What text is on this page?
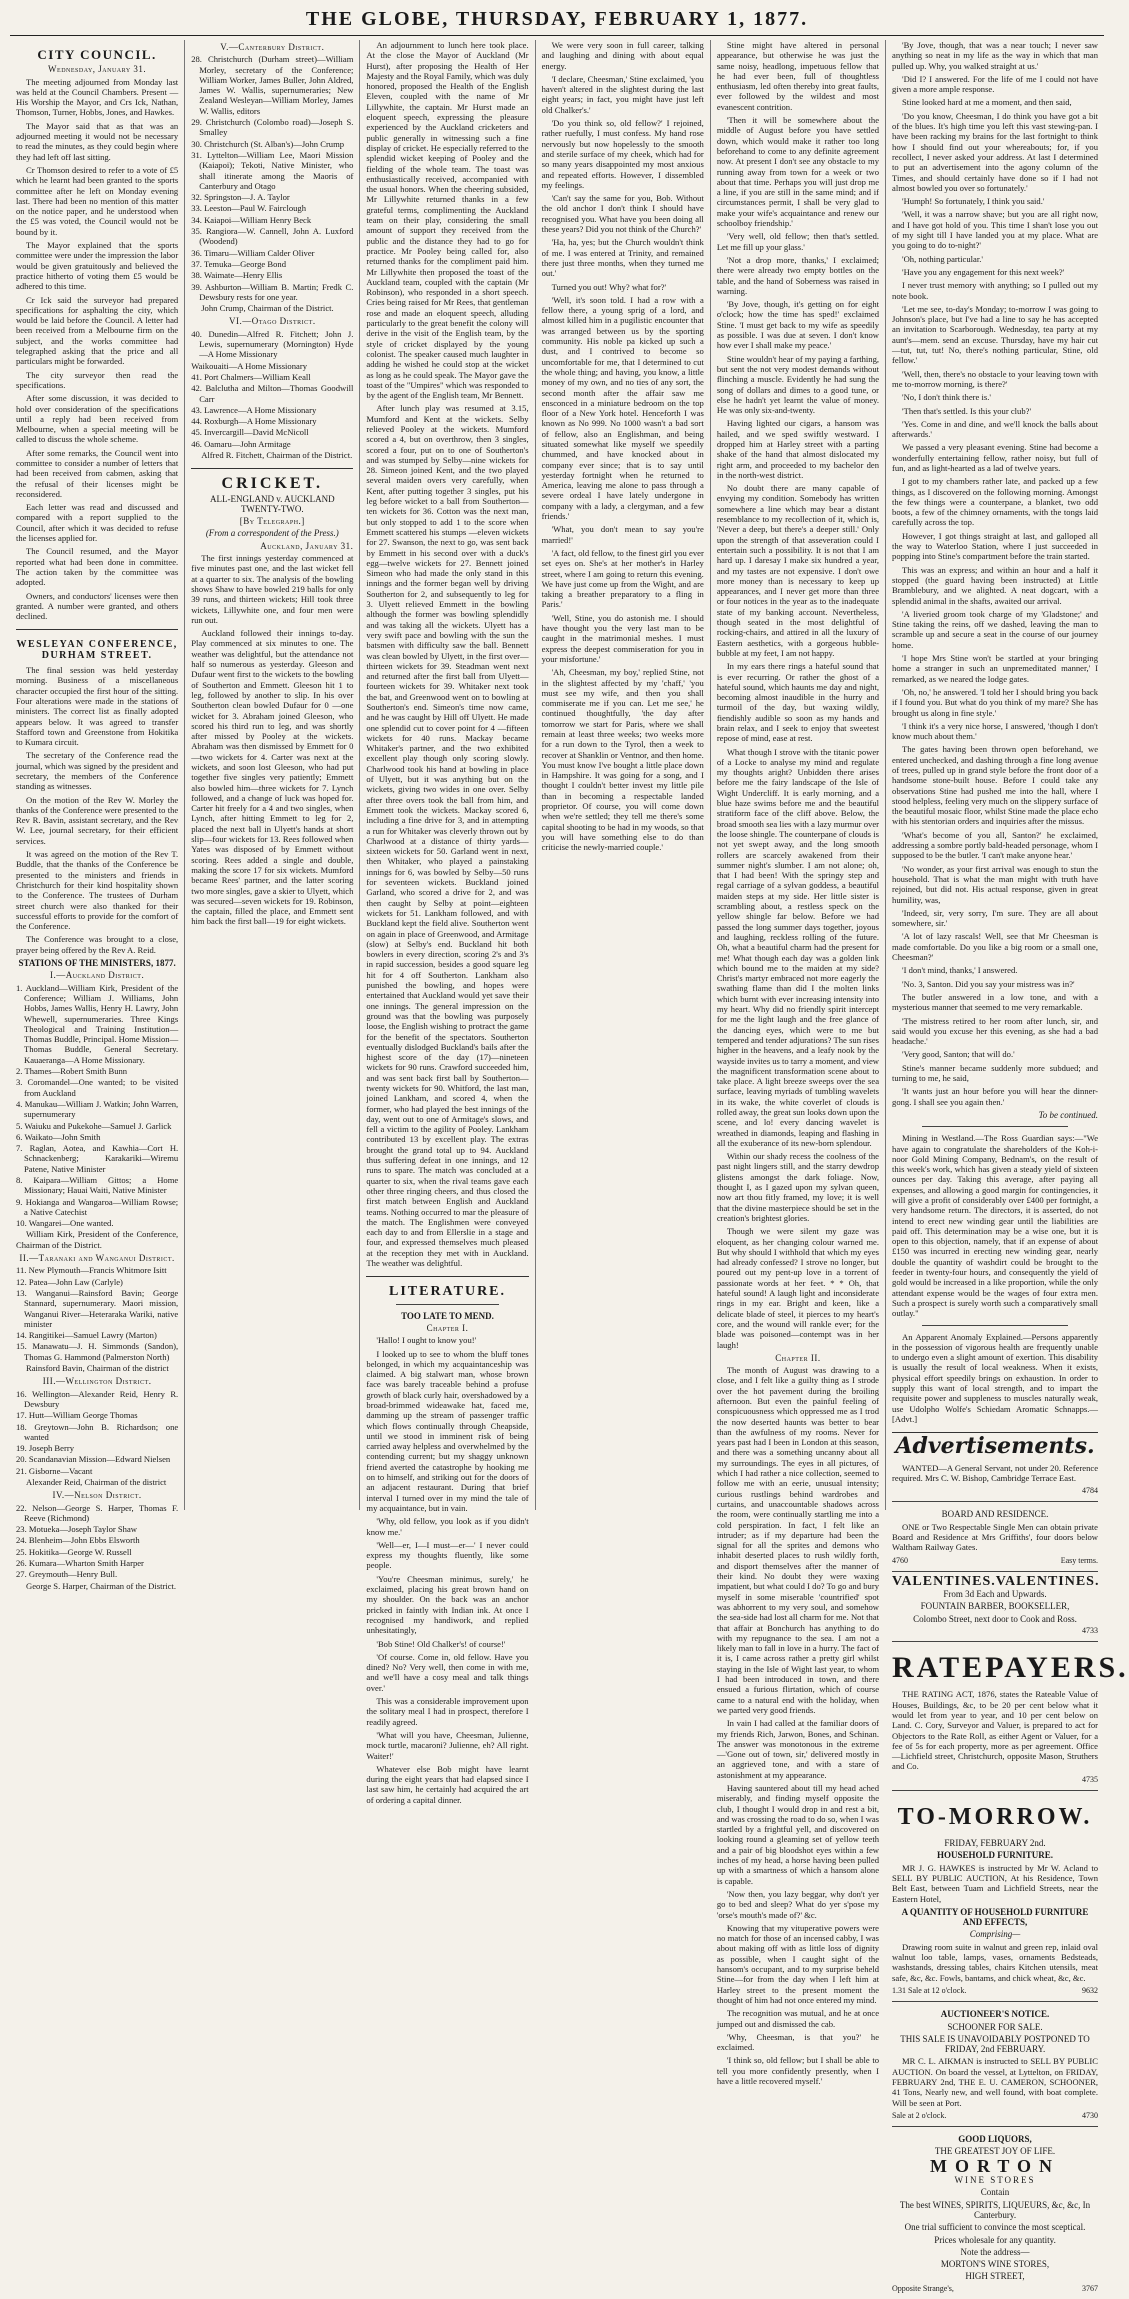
THE GLOBE, THURSDAY, FEBRUARY 1, 1877.
CITY COUNCIL.
Wednesday, January 31.

The meeting adjourned from Monday last was held at the Council Chambers. Present —His Worship the Mayor, and Crs Ick, Nathan, Thomson, Turner, Hobbs, Jones, and Hawkes.

The Mayor said that as that was an adjourned meeting it would not be necessary to read the minutes, as they could begin where they had left off last sitting.

Cr Thomson desired to refer to a vote of £5 which he learnt had been granted to the sports committee after he left on Monday evening last. There had been no mention of this matter on the notice paper, and he understood when the £5 was voted, the Council would not be bound by it.

The Mayor explained that the sports committee were under the impression the labor would be given gratuitously and believed the practice hitherto of voting them £5 would be adhered to this time.

Cr Ick said the surveyor had prepared specifications for asphalting the city, which would be laid before the Council. A letter had been received from a Melbourne firm on the subject, and the works committee had telegraphed asking that the price and all particulars might be forwarded.

The city surveyor then read the specifications.

After some discussion, it was decided to hold over consideration of the specifications until a reply had been received from Melbourne, when a special meeting will be called to discuss the whole scheme.

After some remarks, the Council went into committee to consider a number of letters that had been received from cabmen, asking that the refusal of their licenses might be reconsidered.

Each letter was read and discussed and compared with a report supplied to the Council, after which it was decided to refuse the licenses applied for.

The Council resumed, and the Mayor reported what had been done in committee. The action taken by the committee was adopted.

Owners, and conductors' licenses were then granted. A number were granted, and others declined.

WESLEYAN CONFERENCE, DURHAM STREET.

The final session was held yesterday morning. Business of a miscellaneous character occupied the first hour of the sitting. Four alterations were made in the stations of ministers. The correct list as finally adopted appears below. It was agreed to transfer Stafford town and Greenstone from Hokitika to Kumara circuit.

The secretary of the Conference read the journal, which was signed by the president and secretary, the members of the Conference standing as witnesses.

On the motion of the Rev W. Morley the thanks of the Conference were presented to the Rev R. Bavin, assistant secretary, and the Rev W. Lee, journal secretary, for their efficient services.

It was agreed on the motion of the Rev T. Buddle, that the thanks of the Conference be presented to the ministers and friends in Christchurch for their kind hospitality shown to the Conference. The trustees of Durham street church were also thanked for their successful efforts to provide for the comfort of the Conference.

The Conference was brought to a close, prayer being offered by the Rev A. Reid.

STATIONS OF THE MINISTERS, 1877.
I.—Auckland District.

1. Auckland—William Kirk, President of the Conference; William J. Williams, John Hobbs, James Wallis, Henry H. Lawry, John Whewell, supernumeraries. Three Kings Theological and Training Institution—Thomas Buddle, Principal. Home Mission—Thomas Buddle, General Secretary. Kauaeranga—A Home Missionary.

2. Thames—Robert Smith Bunn

3. Coromandel—One wanted; to be visited from Auckland

4. Manukau—William J. Watkin; John Warren, supernumerary

5. Waiuku and Pukekohe—Samuel J. Garlick

6. Waikato—John Smith

7. Raglan, Aotea, and Kawhia—Cort H. Schnackenberg; Karakariki—Wiremu Patene, Native Minister

8. Kaipara—William Gittos; a Home Missionary; Hauai Waiti, Native Minister

9. Hokianga and Wangaroa—William Rowse; a Native Catechist

10. Wangarei—One wanted.

William Kirk, President of the Conference, Chairman of the District.

II.—Taranaki and Wanganui District.

11. New Plymouth—Francis Whitmore Isitt

12. Patea—John Law (Carlyle)

13. Wanganui—Rainsford Bavin; George Stannard, supernumerary. Maori mission, Wanganui River—Heteraraka Wariki, native minister

14. Rangitikei—Samuel Lawry (Marton)

15. Manawatu—J. H. Simmonds (Sandon), Thomas G. Hammond (Palmerston North)

Rainsford Bavin, Chairman of the district

III.—Wellington District.

16. Wellington—Alexander Reid, Henry R. Dewsbury

17. Hutt—William George Thomas

18. Greytown—John B. Richardson; one wanted

19. Joseph Berry

20. Scandanavian Mission—Edward Nielsen

21. Gisborne—Vacant

Alexander Reid, Chairman of the district

IV.—Nelson District.

22. Nelson—George S. Harper, Thomas F. Reeve (Richmond)

23. Motueka—Joseph Taylor Shaw

24. Blenheim—John Ebbs Elsworth

25. Hokitika—George W. Russell

26. Kumara—Wharton Smith Harper

27. Greymouth—Henry Bull.

George S. Harper, Chairman of the District.

V.—Canterbury District.

28. Christchurch (Durham street)—William Morley, secretary of the Conference; William Worker, James Buller, John Aldred, James W. Wallis, supernumeraries; New Zealand Wesleyan—William Morley, James W. Wallis, editors

29. Christchurch (Colombo road)—Joseph S. Smalley

30. Christchurch (St. Alban's)—John Crump

31. Lyttelton—William Lee, Maori Mission (Kaiapoi); Tekoti, Native Minister, who shall itinerate among the Maoris of Canterbury and Otago

32. Springston—J. A. Taylor

33. Leeston—Paul W. Fairclough

34. Kaiapoi—William Henry Beck

35. Rangiora—W. Cannell, John A. Luxford (Woodend)

36. Timaru—William Calder Oliver

37. Temuka—George Bond

38. Waimate—Henry Ellis

39. Ashburton—William B. Martin; Fredk C. Dewsbury rests for one year.

John Crump, Chairman of the District.

VI.—Otago District.

40. Dunedin—Alfred R. Fitchett; John J. Lewis, supernumerary (Mornington) Hyde—A Home Missionary

Waikouaiti—A Home Missionary

41. Port Chalmers—William Keall

42. Balclutha and Milton—Thomas Goodwill Carr

43. Lawrence—A Home Missionary

44. Roxburgh—A Home Missionary

45. Invercargill—David McNicoll

46. Oamaru—John Armitage

Alfred R. Fitchett, Chairman of the District.

CRICKET.
ALL-ENGLAND v. AUCKLAND TWENTY-TWO.
[By Telegraph.]
(From a correspondent of the Press.)
Auckland, January 31.

The first innings yesterday commenced at five minutes past one, and the last wicket fell at a quarter to six. The analysis of the bowling shows Shaw to have bowled 219 balls for only 39 runs, and thirteen wickets; Hill took three wickets, Lillywhite one, and four men were run out.

Auckland followed their innings to-day. Play commenced at six minutes to one. The weather was delightful, but the attendance not half so numerous as yesterday. Gleeson and Dufaur went first to the wickets to the bowling of Southerton and Emmett. Gleeson hit 1 to leg, followed by another to slip. In his over Southerton clean bowled Dufaur for 0 —one wicket for 3. Abraham joined Gleeson, who scored his third run to leg, and was shortly after missed by Pooley at the wickets. Abraham was then dismissed by Emmett for 0—two wickets for 4. Carter was next at the wickets, and soon lost Gleeson, who had put together five singles very patiently; Emmett also bowled him—three wickets for 7. Lynch followed, and a change of luck was hoped for. Carter hit freely for a 4 and two singles, when Lynch, after hitting Emmett to leg for 2, placed the next ball in Ulyett's hands at short slip—four wickets for 13. Rees followed when Yates was disposed of by Emmett without scoring. Rees added a single and double, making the score 17 for six wickets. Mumford became Rees' partner, and the latter scoring two more singles, gave a skier to Ulyett, which was secured—seven wickets for 19. Robinson, the captain, filled the place, and Emmett sent him back the first ball—19 for eight wickets.

An adjournment to lunch here took place. At the close the Mayor of Auckland (Mr Hurst), after proposing the Health of Her Majesty and the Royal Family, which was duly honored, proposed the Health of the English Eleven, coupled with the name of Mr Lillywhite, the captain. Mr Hurst made an eloquent speech, expressing the pleasure experienced by the Auckland cricketers and public generally in witnessing such a fine display of cricket. He especially referred to the splendid wicket keeping of Pooley and the fielding of the whole team. The toast was enthusiastically received, accompanied with the usual honors. When the cheering subsided, Mr Lillywhite returned thanks in a few grateful terms, complimenting the Auckland team on their play, considering the small amount of support they received from the public and the distance they had to go for practice. Mr Pooley being called for, also returned thanks for the compliment paid him. Mr Lillywhite then proposed the toast of the Auckland team, coupled with the captain (Mr Robinson), who responded in a short speech. Cries being raised for Mr Rees, that gentleman rose and made an eloquent speech, alluding particularly to the great benefit the colony will derive in the visit of the English team, by the style of cricket displayed by the young colonist. The speaker caused much laughter in adding he wished he could stop at the wicket as long as he could speak. The Mayor gave the toast of the "Umpires" which was responded to by the agent of the English team, Mr Bennett.

After lunch play was resumed at 3.15, Mumford and Kent at the wickets. Selby relieved Pooley at the wickets. Mumford scored a 4, but on overthrow, then 3 singles, scored a four, put on to one of Southerton's and was stumped by Selby—nine wickets for 28. Simeon joined Kent, and the two played several maiden overs very carefully, when Kent, after putting together 3 singles, put his leg before wicket to a ball from Southerton—ten wickets for 36. Cotton was the next man, but only stopped to add 1 to the score when Emmett scattered his stumps —eleven wickets for 27. Swanson, the next to go, was sent back by Emmett in his second over with a duck's egg—twelve wickets for 27. Bennett joined Simeon who had made the only stand in this innings and the former began well by driving Southerton for 2, and subsequently to leg for 3. Ulyett relieved Emmett in the bowling although the former was bowling splendidly and was taking all the wickets. Ulyett has a very swift pace and bowling with the sun the batsmen with difficulty saw the ball. Bennett was clean bowled by Ulyett, in the first over—thirteen wickets for 39. Steadman went next and returned after the first ball from Ulyett— fourteen wickets for 39. Whitaker next took the bat, and Greenwood went on to bowling at Southerton's end. Simeon's time now came, and he was caught by Hill off Ulyett. He made one splendid cut to cover point for 4 —fifteen wickets for 40 runs. Mackay became Whitaker's partner, and the two exhibited excellent play though only scoring slowly. Charlwood took his hand at bowling in place of Ulyett, but it was anything but on the wickets, giving two wides in one over. Selby after three overs took the ball from him, and Emmett took the wickets. Mackay scored 6, including a fine drive for 3, and in attempting a run for Whitaker was cleverly thrown out by Charlwood at a distance of thirty yards—sixteen wickets for 50. Garland went in next, then Whitaker, who played a painstaking innings for 6, was bowled by Selby—50 runs for seventeen wickets. Buckland joined Garland, who scored a drive for 2, and was then caught by Selby at point—eighteen wickets for 51. Lankham followed, and with Buckland kept the field alive. Southerton went on again in place of Greenwood, and Armitage (slow) at Selby's end. Buckland hit both bowlers in every direction, scoring 2's and 3's in rapid succession, besides a good square leg hit for 4 off Southerton. Lankham also punished the bowling, and hopes were entertained that Auckland would yet save their one innings. The general impression on the ground was that the bowling was purposely loose, the English wishing to protract the game for the benefit of the spectators. Southerton eventually dislodged Buckland's bails after the highest score of the day (17)—nineteen wickets for 90 runs. Crawford succeeded him, and was sent back first ball by Southerton—twenty wickets for 90. Whitford, the last man, joined Lankham, and scored 4, when the former, who had played the best innings of the day, went out to one of Armitage's slows, and fell a victim to the agility of Pooley. Lankham contributed 13 by excellent play. The extras brought the grand total up to 94. Auckland thus suffering defeat in one innings, and 12 runs to spare. The match was concluded at a quarter to six, when the rival teams gave each other three ringing cheers, and thus closed the first match between English and Auckland teams. Nothing occurred to mar the pleasure of the match. The Englishmen were conveyed each day to and from Ellerslie in a stage and four, and expressed themselves much pleased at the reception they met with in Auckland. The weather was delightful.

LITERATURE.
TOO LATE TO MEND.
Chapter I.

'Hallo! I ought to know you!'

I looked up to see to whom the bluff tones belonged, in which my acquaintanceship was claimed. A big stalwart man, whose brown face was barely traceable behind a profuse growth of black curly hair, overshadowed by a broad-brimmed wideawake hat, faced me, damming up the stream of passenger traffic which flows continually through Cheapside, until we stood in imminent risk of being carried away helpless and overwhelmed by the contending current; but my shaggy unknown friend averted the catastrophe by hooking me on to himself, and striking out for the doors of an adjacent restaurant. During that brief interval I turned over in my mind the tale of my acquaintance, but in vain.

'Why, old fellow, you look as if you didn't know me.'

'Well—er, I—I must—er—' I never could express my thoughts fluently, like some people.

'You're Cheesman minimus, surely,' he exclaimed, placing his great brown hand on my shoulder. On the back was an anchor pricked in faintly with Indian ink. At once I recognised my handiwork, and replied unhesitatingly,

'Bob Stine! Old Chalker's! of course!'

'Of course. Come in, old fellow. Have you dined? No? Very well, then come in with me, and we'll have a cosy meal and talk things over.'

This was a considerable improvement upon the solitary meal I had in prospect, therefore I readily agreed.

'What will you have, Cheesman, Julienne, mock turtle, macaroni? Julienne, eh? All right. Waiter!'

Whatever else Bob might have learnt during the eight years that had elapsed since I last saw him, he certainly had acquired the art of ordering a capital dinner.

We were very soon in full career, talking and laughing and dining with about equal energy.

'I declare, Cheesman,' Stine exclaimed, 'you haven't altered in the slightest during the last eight years; in fact, you might have just left old Chalker's.'

'Do you think so, old fellow?' I rejoined, rather ruefully, I must confess. My hand rose nervously but now hopelessly to the smooth and sterile surface of my cheek, which had for so many years disappointed my most anxious and repeated efforts. However, I dissembled my feelings.

'Can't say the same for you, Bob. Without the old anchor I don't think I should have recognised you. What have you been doing all these years? Did you not think of the Church?'

'Ha, ha, yes; but the Church wouldn't think of me. I was entered at Trinity, and remained there just three months, when they turned me out.'

Turned you out! Why? what for?'

'Well, it's soon told. I had a row with a fellow there, a young sprig of a lord, and almost killed him in a pugilistic encounter that was arranged between us by the sporting community. His noble pa kicked up such a dust, and I contrived to become so uncomfortable for me, that I determined to cut the whole thing; and having, you know, a little money of my own, and no ties of any sort, the second month after the affair saw me ensconced in a miniature bedroom on the top floor of a New York hotel. Henceforth I was known as No 999. No 1000 wasn't a bad sort of fellow, also an Englishman, and being situated somewhat like myself we speedily chummed, and have knocked about in company ever since; that is to say until yesterday fortnight when he returned to America, leaving me alone to pass through a severe ordeal I have lately undergone in company with a lady, a clergyman, and a few friends.'

'What, you don't mean to say you're married!'

'A fact, old fellow, to the finest girl you ever set eyes on. She's at her mother's in Harley street, where I am going to return this evening. We have just come up from the Wight, and are taking a breather preparatory to a fling in Paris.'

'Well, Stine, you do astonish me. I should have thought you the very last man to be caught in the matrimonial meshes. I must express the deepest commiseration for you in your misfortune.'

'Ah, Cheesman, my boy,' replied Stine, not in the slightest affected by my 'chaff,' 'you must see my wife, and then you shall commiserate me if you can. Let me see,' he continued thoughtfully, 'the day after tomorrow we start for Paris, where we shall remain at least three weeks; two weeks more for a run down to the Tyrol, then a week to recover at Shanklin or Ventnor, and then home. You must know I've bought a little place down in Hampshire. It was going for a song, and I thought I couldn't better invest my little pile than in becoming a respectable landed proprietor. Of course, you will come down when we're settled; they tell me there's some capital shooting to be had in my woods, so that you will have something else to do than criticise the newly-married couple.'

Stine might have altered in personal appearance, but otherwise he was just the same noisy, headlong, impetuous fellow that he had ever been, full of thoughtless enthusiasm, led often thereby into great faults, ever followed by the wildest and most evanescent contrition.

'Then it will be somewhere about the middle of August before you have settled down, which would make it rather too long beforehand to come to any definite agreement now. At present I don't see any obstacle to my running away from town for a week or two about that time. Perhaps you will just drop me a line, if you are still in the same mind; and if circumstances permit, I shall be very glad to make your wife's acquaintance and renew our schoolboy friendship.'

'Very well, old fellow; then that's settled. Let me fill up your glass.'

'Not a drop more, thanks,' I exclaimed; there were already two empty bottles on the table, and the hand of Soberness was raised in warning.

'By Jove, though, it's getting on for eight o'clock; how the time has sped!' exclaimed Stine. 'I must get back to my wife as speedily as possible. I was due at seven. I don't know how ever I shall make my peace.'

Stine wouldn't hear of my paying a farthing, but sent the not very modest demands without flinching a muscle. Evidently he had sung the song of dollars and dimes to a good tune, or else he hadn't yet learnt the value of money. He was only six-and-twenty.

Having lighted our cigars, a hansom was hailed, and we sped swiftly westward. I dropped him at Harley street with a parting shake of the hand that almost dislocated my right arm, and proceeded to my bachelor den in the north-west district.

No doubt there are many capable of envying my condition. Somebody has written somewhere a line which may bear a distant resemblance to my recollection of it, which is, 'Never a deep, but there's a deeper still.' Only upon the strength of that asseveration could I entertain such a possibility. It is not that I am hard up. I daresay I make six hundred a year, and my tastes are not expensive. I don't owe more money than is necessary to keep up appearances, and I never get more than three or four notices in the year as to the inadequate state of my banking account. Nevertheless, though seated in the most delightful of rocking-chairs, and attired in all the luxury of Eastern aesthetics, with a gorgeous hubble-bubble at my feet, I am not happy.

In my ears there rings a hateful sound that is ever recurring. Or rather the ghost of a hateful sound, which haunts me day and night, becoming almost inaudible in the hurry and turmoil of the day, but waxing wildly, fiendishly audible so soon as my hands and brain relax, and I seek to enjoy that sweetest repose of mind, ease at rest.

What though I strove with the titanic power of a Locke to analyse my mind and regulate my thoughts aright? Unbidden there arises before me the fairy landscape of the Isle of Wight Undercliff. It is early morning, and a blue haze swims before me and the beautiful stratiform face of the cliff above. Below, the broad smooth sea lies with a lazy murmur over the loose shingle. The counterpane of clouds is not yet swept away, and the long smooth rollers are scarcely awakened from their summer night's slumber. I am not alone; oh, that I had been! With the springy step and regal carriage of a sylvan goddess, a beautiful maiden steps at my side. Her little sister is scrambling about, a restless speck on the yellow shingle far below. Before we had passed the long summer days together, joyous and laughing, reckless rolling of the future. Oh, what a beautiful charm had the present for me! What though each day was a golden link which bound me to the maiden at my side? Christ's martyr embraced not more eagerly the swathing flame than did I the molten links which burnt with ever increasing intensity into my heart. Why did no friendly spirit intercept for me the light laugh and the free glance of the dancing eyes, which were to me but tempered and tender adjurations? The sun rises higher in the heavens, and a leafy nook by the wayside invites us to tarry a moment, and view the magnificent transformation scene about to take place. A light breeze sweeps over the sea surface, leaving myriads of tumbling wavelets in its wake, the white coverlet of clouds is rolled away, the great sun looks down upon the scene, and lo! every dancing wavelet is wreathed in diamonds, leaping and flashing in all the exuberance of its new-born splendour.

Within our shady recess the coolness of the past night lingers still, and the starry dewdrop glistens amongst the dark foliage. Now, thought I, as I gazed upon my sylvan queen, now art thou fitly framed, my love; it is well that the divine masterpiece should be set in the creation's brightest glories.

Though we were silent my gaze was eloquent, as her changing colour warned me. But why should I withhold that which my eyes had already confessed? I strove no longer, but poured out my pent-up love in a torrent of passionate words at her feet. * * Oh, that hateful sound! A laugh light and inconsiderate rings in my ear. Bright and keen, like a delicate blade of steel, it pierces to my heart's core, and the wound will rankle ever; for the blade was poisoned—contempt was in her laugh!

Chapter II.

The month of August was drawing to a close, and I felt like a guilty thing as I strode over the hot pavement during the broiling afternoon. But even the painful feeling of conspicuousness which oppressed me as I trod the now deserted haunts was better to bear than the awfulness of my rooms. Never for years past had I been in London at this season, and there was a something uncanny about all my surroundings. The eyes in all pictures, of which I had rather a nice collection, seemed to follow me with an eerie, unusual intensity; curious rustlings behind wardrobes and curtains, and unaccountable shadows across the room, were continually startling me into a cold perspiration. In fact, I felt like an intruder; as if my departure had been the signal for all the sprites and demons who inhabit deserted places to rush wildly forth, and disport themselves after the manner of their kind. No doubt they were waxing impatient, but what could I do? To go and bury myself in some miserable 'countrified' spot was abhorrent to my very soul, and somehow the sea-side had lost all charm for me. Not that that affair at Bonchurch has anything to do with my repugnance to the sea. I am not a likely man to fall in love in a hurry. The fact of it is, I came across rather a pretty girl whilst staying in the Isle of Wight last year, to whom I had been introduced in town, and there ensued a furious flirtation, which of course came to a natural end with the holiday, when we parted very good friends.

In vain I had called at the familiar doors of my friends Rich, Jarwon, Bones, and Schinan. The answer was monotonous in the extreme—'Gone out of town, sir,' delivered mostly in an aggrieved tone, and with a stare of astonishment at my appearance.

Having sauntered about till my head ached miserably, and finding myself opposite the club, I thought I would drop in and rest a bit, and was crossing the road to do so, when I was startled by a frightful yell, and discovered on looking round a gleaming set of yellow teeth and a pair of big bloodshot eyes within a few inches of my head, a horse having been pulled up with a smartness of which a hansom alone is capable.

'Now then, you lazy beggar, why don't yer go to bed and sleep? What do yer s'pose my 'orse's mouth's made of?' &c.

Knowing that my vituperative powers were no match for those of an incensed cabby, I was about making off with as little loss of dignity as possible, when I caught sight of the hansom's occupant, and to my surprise beheld Stine—for from the day when I left him at Harley street to the present moment the thought of him had not once entered my mind.

The recognition was mutual, and he at once jumped out and dismissed the cab.

'Why, Cheesman, is that you?' he exclaimed.

'I think so, old fellow; but I shall be able to tell you more confidently presently, when I have a little recovered myself.'

'By Jove, though, that was a near touch; I never saw anything so neat in my life as the way in which that man pulled up. Why, you walked straight at us.'

'Did I? I answered. For the life of me I could not have given a more ample response.

Stine looked hard at me a moment, and then said,

'Do you know, Cheesman, I do think you have got a bit of the blues. It's high time you left this vast stewing-pan. I have been racking my brains for the last fortnight to think how I should find out your whereabouts; for, if you recollect, I never asked your address. At last I determined to put an advertisement into the agony column of the Times, and should certainly have done so if I had not almost bowled you over so fortunately.'

'Humph! So fortunately, I think you said.'

'Well, it was a narrow shave; but you are all right now, and I have got hold of you. This time I shan't lose you out of my sight till I have landed you at my place. What are you going to do to-night?'

'Oh, nothing particular.'

'Have you any engagement for this next week?'

I never trust memory with anything; so I pulled out my note book.

'Let me see, to-day's Monday; to-morrow I was going to Johnson's place, but I've had a line to say he has accepted an invitation to Scarborough. Wednesday, tea party at my aunt's—mem. send an excuse. Thursday, have my hair cut—tut, tut, tut! No, there's nothing particular, Stine, old fellow.'

'Well, then, there's no obstacle to your leaving town with me to-morrow morning, is there?'

'No, I don't think there is.'

'Then that's settled. Is this your club?'

'Yes. Come in and dine, and we'll knock the balls about afterwards.'

We passed a very pleasant evening. Stine had become a wonderfully entertaining fellow, rather noisy, but full of fun, and as light-hearted as a lad of twelve years.

I got to my chambers rather late, and packed up a few things, as I discovered on the following morning. Amongst the few things were a counterpane, a blanket, two odd boots, a few of the chimney ornaments, with the tongs laid carefully across the top.

However, I got things straight at last, and galloped all the way to Waterloo Station, where I just succeeded in popping into Stine's compartment before the train started.

This was an express; and within an hour and a half it stopped (the guard having been instructed) at Little Bramblebury, and we alighted. A neat dogcart, with a splendid animal in the shafts, awaited our arrival.

'A liveried groom took charge of my 'Gladstone;' and Stine taking the reins, off we dashed, leaving the man to scramble up and secure a seat in the course of our journey home.

'I hope Mrs Stine won't be startled at your bringing home a stranger in such an unpremeditated manner,' I remarked, as we neared the lodge gates.

'Oh, no,' he answered. 'I told her I should bring you back if I found you. But what do you think of my mare? She has brought us along in fine style.'

'I think it's a very nice horse, I answered, 'though I don't know much about them.'

The gates having been thrown open beforehand, we entered unchecked, and dashing through a fine long avenue of trees, pulled up in grand style before the front door of a handsome stone-built house. Before I could take any observations Stine had pushed me into the hall, where I stood helpless, feeling very much on the slippery surface of the beautiful mosaic floor, whilst Stine made the place echo with his stentorian orders and inquiries after the missus.

'What's become of you all, Santon?' he exclaimed, addressing a sombre portly bald-headed personage, whom I supposed to be the butler. 'I can't make anyone hear.'

'No wonder, as your first arrival was enough to stun the household. That is what the man might with truth have rejoined, but did not. His actual response, given in great humility, was,

'Indeed, sir, very sorry, I'm sure. They are all about somewhere, sir.'

'A lot of lazy rascals! Well, see that Mr Cheesman is made comfortable. Do you like a big room or a small one, Cheesman?'

'I don't mind, thanks,' I answered.

'No. 3, Santon. Did you say your mistress was in?'

The butler answered in a low tone, and with a mysterious manner that seemed to me very remarkable.

'The mistress retired to her room after lunch, sir, and said would you excuse her this evening, as she had a bad headache.'

'Very good, Santon; that will do.'

Stine's manner became suddenly more subdued; and turning to me, he said,

'It wants just an hour before you will hear the dinner-gong. I shall see you again then.'

To be continued.

Mining in Westland.—The Ross Guardian says:—"We have again to congratulate the shareholders of the Koh-i-noor Gold Mining Company, Bednam's, on the result of this week's work, which has given a steady yield of sixteen ounces per day. Taking this average, after paying all expenses, and allowing a good margin for contingencies, it will give a profit of considerably over £400 per fortnight, a very handsome return. The directors, it is asserted, do not intend to erect new winding gear until the liabilities are paid off. This determination may be a wise one, but it is open to this objection, namely, that if an expense of about £150 was incurred in erecting new winding gear, nearly double the quantity of washdirt could be brought to the feeder in twenty-four hours, and consequently the yield of gold would be increased in a like proportion, while the only attendant expense would be the wages of four extra men. Such a prospect is surely worth such a comparatively small outlay."

An Apparent Anomaly Explained.—Persons apparently in the possession of vigorous health are frequently unable to undergo even a slight amount of exertion. This disability is usually the result of local weakness. When it exists, physical effort speedily brings on exhaustion. In order to supply this want of local strength, and to impart the requisite power and suppleness to muscles naturally weak, use Udolpho Wolfe's Schiedam Aromatic Schnapps.—[Advt.]

Advertisements.

WANTED—A General Servant, not under 20. Reference required. Mrs C. W. Bishop, Cambridge Terrace East.

4784
BOARD AND RESIDENCE.

ONE or Two Respectable Single Men can obtain private Board and Residence at Mrs Griffiths', four doors below Waltham Railway Gates.

4760	Easy terms.
VALENTINES. VALENTINES.
From 3d Each and Upwards.
FOUNTAIN BARBER, BOOKSELLER,
Colombo Street, next door to Cook and Ross.
4733
RATEPAYERS.

THE RATING ACT, 1876, states the Rateable Value of Houses, Buildings, &c, to be 20 per cent below what it would let from year to year, and 10 per cent below on Land. C. Cory, Surveyor and Valuer, is prepared to act for Objectors to the Rate Roll, as either Agent or Valuer, for a fee of 5s for each property, more as per agreement. Office—Lichfield street, Christchurch, opposite Mason, Struthers and Co.

4735
TO-MORROW.
FRIDAY, FEBRUARY 2nd.
HOUSEHOLD FURNITURE.

MR J. G. HAWKES is instructed by Mr W. Acland to SELL BY PUBLIC AUCTION, At his Residence, Town Belt East, between Tuam and Lichfield Streets, near the Eastern Hotel,

A QUANTITY OF HOUSEHOLD FURNITURE AND EFFECTS,
Comprising—

Drawing room suite in walnut and green rep, inlaid oval walnut loo table, lamps, vases, ornaments Bedsteads, washstands, dressing tables, chairs Kitchen utensils, meat safe, &c, &c. Fowls, bantams, and chick wheat, &c, &c.

1.31 Sale at 12 o'clock.	9632
AUCTIONEER'S NOTICE.
SCHOONER FOR SALE.
THIS SALE IS UNAVOIDABLY POSTPONED TO FRIDAY, 2nd FEBRUARY.

MR C. L. AIKMAN is instructed to SELL BY PUBLIC AUCTION. On board the vessel, at Lyttelton, on FRIDAY, FEBRUARY 2nd, THE E. U. CAMERON, SCHOONER, 41 Tons, Nearly new, and well found, with boat complete. Will be seen at Port.

Sale at 2 o'clock.	4730
GOOD LIQUORS,
THE GREATEST JOY OF LIFE.
MORTON
WINE STORES
Contain
The best WINES, SPIRITS, LIQUEURS, &c, &c, In Canterbury.
One trial sufficient to convince the most sceptical.
Prices wholesale for any quantity.
Note the address—
MORTON'S WINE STORES,
HIGH STREET,
Opposite Strange's,	3767
